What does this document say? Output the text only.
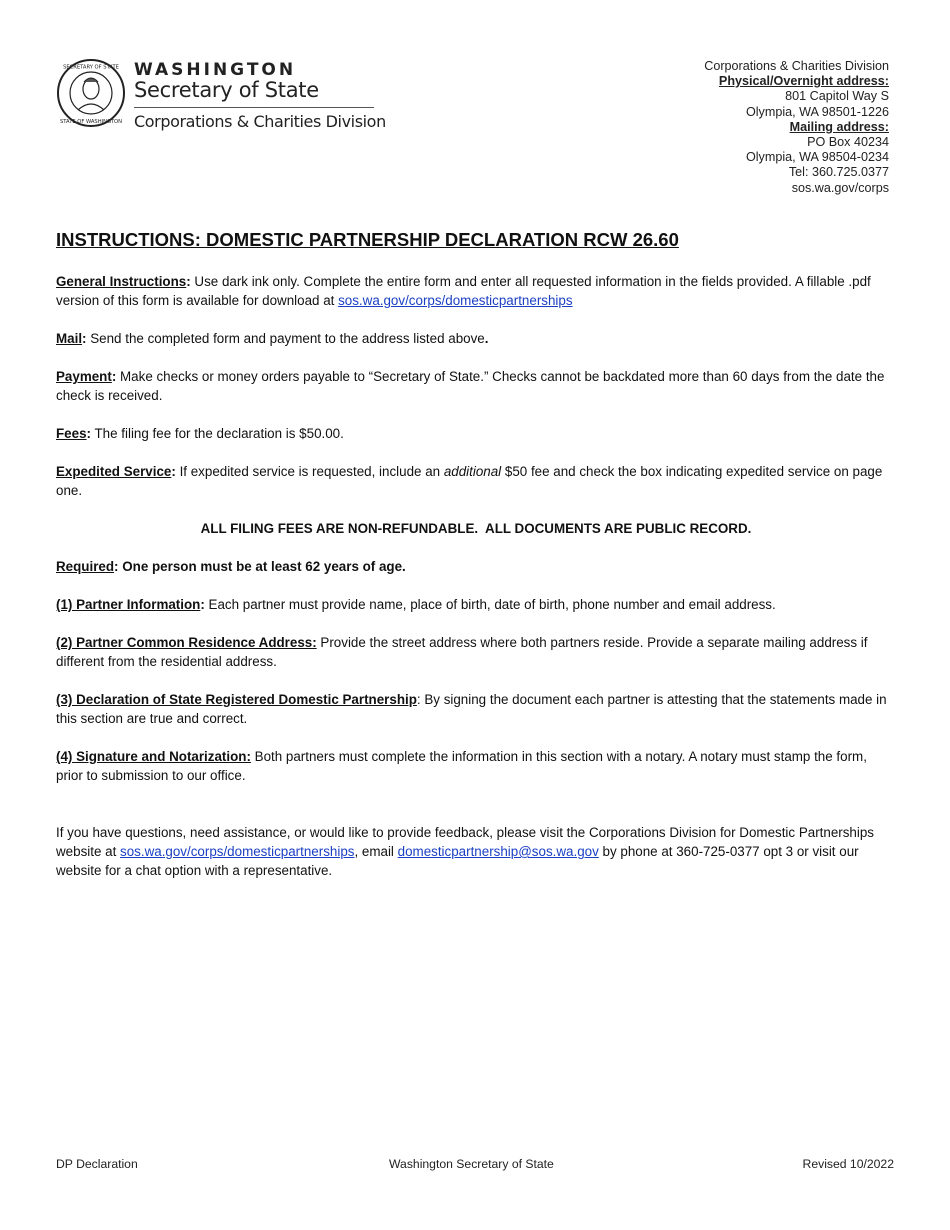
SECRETARY OF STATE
STATE OF WASHINGTON
WASHINGTON
Secretary of State
Corporations & Charities Division
Corporations & Charities Division
Physical/Overnight address:
801 Capitol Way S
Olympia, WA 98501-1226
Mailing address:
PO Box 40234
Olympia, WA 98504-0234
Tel: 360.725.0377
sos.wa.gov/corps
INSTRUCTIONS: DOMESTIC PARTNERSHIP DECLARATION RCW 26.60

General Instructions: Use dark ink only. Complete the entire form and enter all requested information in the fields provided. A fillable .pdf version of this form is available for download at sos.wa.gov/corps/domesticpartnerships

Mail: Send the completed form and payment to the address listed above.

Payment: Make checks or money orders payable to “Secretary of State.” Checks cannot be backdated more than 60 days from the date the check is received.

Fees: The filing fee for the declaration is $50.00.

Expedited Service: If expedited service is requested, include an additional $50 fee and check the box indicating expedited service on page one.

ALL FILING FEES ARE NON-REFUNDABLE.  ALL DOCUMENTS ARE PUBLIC RECORD.

Required: One person must be at least 62 years of age.

(1) Partner Information: Each partner must provide name, place of birth, date of birth, phone number and email address.

(2) Partner Common Residence Address: Provide the street address where both partners reside. Provide a separate mailing address if different from the residential address.

(3) Declaration of State Registered Domestic Partnership: By signing the document each partner is attesting that the statements made in this section are true and correct.

(4) Signature and Notarization: Both partners must complete the information in this section with a notary. A notary must stamp the form, prior to submission to our office.

If you have questions, need assistance, or would like to provide feedback, please visit the Corporations Division for Domestic Partnerships website at sos.wa.gov/corps/domesticpartnerships, email domesticpartnership@sos.wa.gov by phone at 360-725-0377 opt 3 or visit our website for a chat option with a representative.

DP Declaration	Washington Secretary of State	Revised 10/2022
